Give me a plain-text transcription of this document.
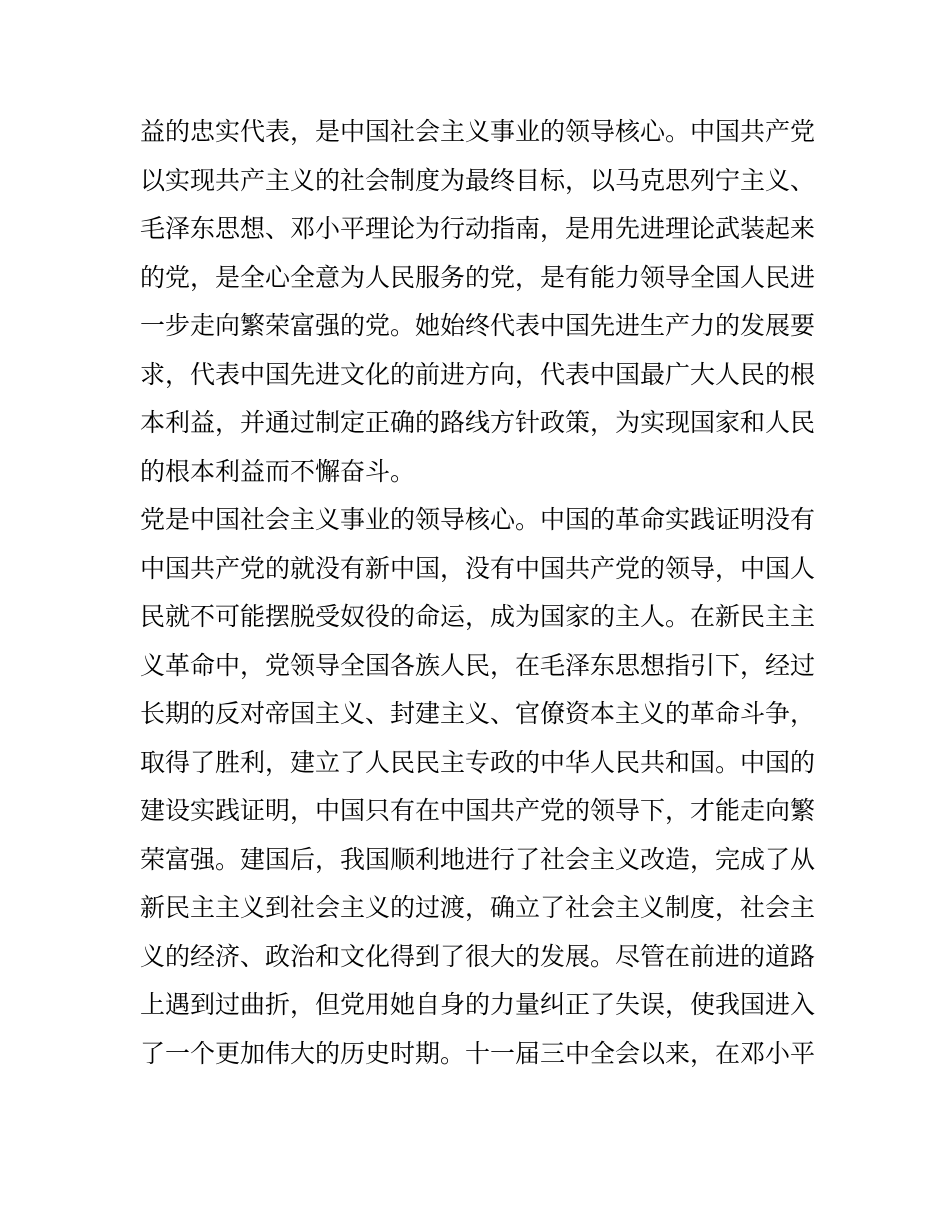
益的忠实代表，是中国社会主义事业的领导核心。中国共产党
以实现共产主义的社会制度为最终目标，以马克思列宁主义、
毛泽东思想、邓小平理论为行动指南，是用先进理论武装起来
的党，是全心全意为人民服务的党，是有能力领导全国人民进
一步走向繁荣富强的党。她始终代表中国先进生产力的发展要
求，代表中国先进文化的前进方向，代表中国最广大人民的根
本利益，并通过制定正确的路线方针政策，为实现国家和人民
的根本利益而不懈奋斗。
党是中国社会主义事业的领导核心。中国的革命实践证明没有
中国共产党的就没有新中国，没有中国共产党的领导，中国人
民就不可能摆脱受奴役的命运，成为国家的主人。在新民主主
义革命中，党领导全国各族人民，在毛泽东思想指引下，经过
长期的反对帝国主义、封建主义、官僚资本主义的革命斗争，
取得了胜利，建立了人民民主专政的中华人民共和国。中国的
建设实践证明，中国只有在中国共产党的领导下，才能走向繁
荣富强。建国后，我国顺利地进行了社会主义改造，完成了从
新民主主义到社会主义的过渡，确立了社会主义制度，社会主
义的经济、政治和文化得到了很大的发展。尽管在前进的道路
上遇到过曲折，但党用她自身的力量纠正了失误，使我国进入
了一个更加伟大的历史时期。十一届三中全会以来，在邓小平
